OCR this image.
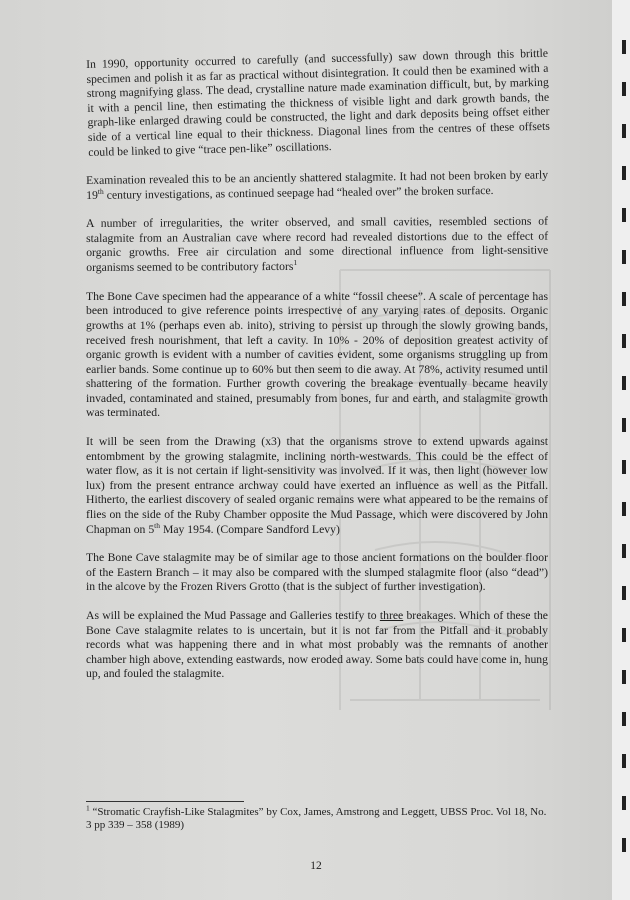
In 1990, opportunity occurred to carefully (and successfully) saw down through this brittle specimen and polish it as far as practical without disintegration. It could then be examined with a strong magnifying glass. The dead, crystalline nature made examination difficult, but, by marking it with a pencil line, then estimating the thickness of visible light and dark growth bands, the graph-like enlarged drawing could be constructed, the light and dark deposits being offset either side of a vertical line equal to their thickness. Diagonal lines from the centres of these offsets could be linked to give “trace pen-like” oscillations.

Examination revealed this to be an anciently shattered stalagmite. It had not been broken by early 19th century investigations, as continued seepage had “healed over” the broken surface.

A number of irregularities, the writer observed, and small cavities, resembled sections of stalagmite from an Australian cave where record had revealed distortions due to the effect of organic growths. Free air circulation and some directional influence from light-sensitive organisms seemed to be contributory factors$^1$

The Bone Cave specimen had the appearance of a white “fossil cheese”. A scale of percentage has been introduced to give reference points irrespective of any varying rates of deposits. Organic growths at 1% (perhaps even ab. inito), striving to persist up through the slowly growing bands, received fresh nourishment, that left a cavity. In 10% - 20% of deposition greatest activity of organic growth is evident with a number of cavities evident, some organisms struggling up from earlier bands. Some continue up to 60% but then seem to die away. At 78%, activity resumed until shattering of the formation. Further growth covering the breakage eventually became heavily invaded, contaminated and stained, presumably from bones, fur and earth, and stalagmite growth was terminated.

It will be seen from the Drawing (x3) that the organisms strove to extend upwards against entombment by the growing stalagmite, inclining north-westwards. This could be the effect of water flow, as it is not certain if light-sensitivity was involved. If it was, then light (however low lux) from the present entrance archway could have exerted an influence as well as the Pitfall. Hitherto, the earliest discovery of sealed organic remains were what appeared to be the remains of flies on the side of the Ruby Chamber opposite the Mud Passage, which were discovered by John Chapman on 5th May 1954. (Compare Sandford Levy)

The Bone Cave stalagmite may be of similar age to those ancient formations on the boulder floor of the Eastern Branch – it may also be compared with the slumped stalagmite floor (also “dead”) in the alcove by the Frozen Rivers Grotto (that is the subject of further investigation).

As will be explained the Mud Passage and Galleries testify to three breakages. Which of these the Bone Cave stalagmite relates to is uncertain, but it is not far from the Pitfall and it probably records what was happening there and in what most probably was the remnants of another chamber high above, extending eastwards, now eroded away. Some bats could have come in, hung up, and fouled the stalagmite.

$^1$ “Stromatic Crayfish-Like Stalagmites” by Cox, James, Amstrong and Leggett, UBSS Proc. Vol 18, No. 3 pp 339 – 358 (1989)
12
